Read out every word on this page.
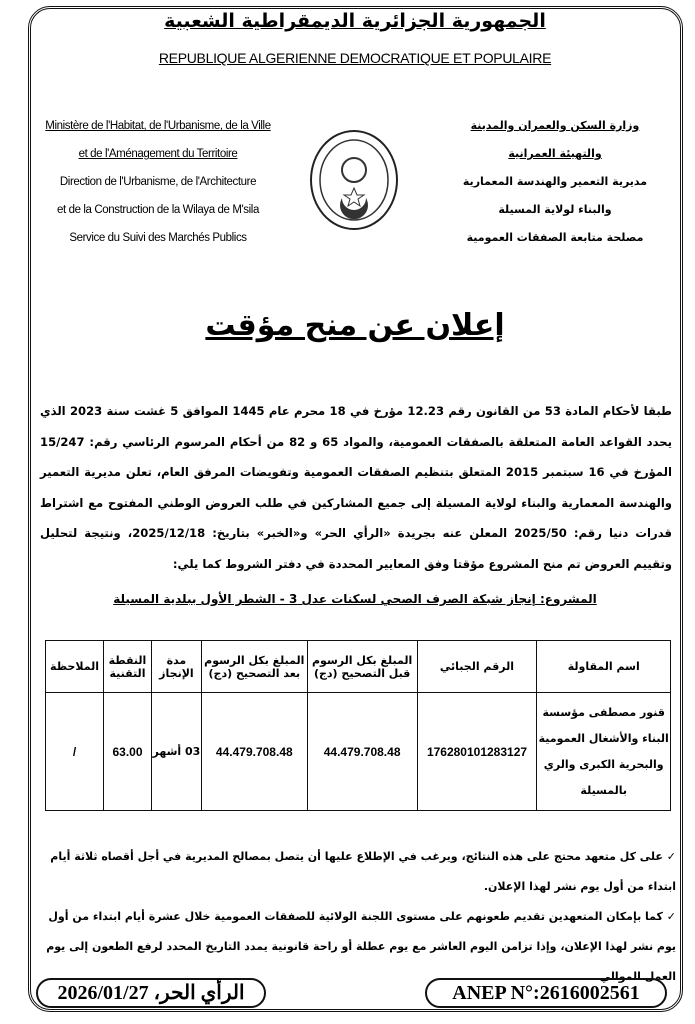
الجمهورية الجزائرية الديمقراطية الشعبية
REPUBLIQUE ALGERIENNE DEMOCRATIQUE ET POPULAIRE
Ministère de l'Habitat, de l'Urbanisme, de la Ville
et de l'Aménagement du Territoire
Direction de l'Urbanisme, de l'Architecture
et de la Construction de la Wilaya de M'sila
Service du Suivi des Marchés Publics
وزارة السكن والعمران والمدينة
والتهيئة العمرانية
مديرية التعمير والهندسة المعمارية
والبناء لولاية المسيلة
مصلحة متابعة الصفقات العمومية
إعلان عن منح مؤقت
طبقا لأحكام المادة 53 من القانون رقم 12.23 مؤرخ في 18 محرم عام 1445 الموافق 5 غشت سنة 2023 الذي يحدد القواعد العامة المتعلقة بالصفقات العمومية، والمواد 65 و 82 من أحكام المرسوم الرئاسي رقم: 15/247 المؤرخ في 16 سبتمبر 2015 المتعلق بتنظيم الصفقات العمومية وتفويضات المرفق العام، تعلن مديرية التعمير والهندسة المعمارية والبناء لولاية المسيلة إلى جميع المشاركين في طلب العروض الوطني المفتوح مع اشتراط قدرات دنيا رقم: 2025/50 المعلن عنه بجريدة «الرأي الحر» و«الخبر» بتاريخ: 2025/12/18، ونتيجة لتحليل وتقييم العروض تم منح المشروع مؤقتا وفق المعايير المحددة في دفتر الشروط كما يلي:
المشروع: إنجاز شبكة الصرف الصحي لسكنات عدل 3 - الشطر الأول ببلدية المسيلة
اسم المقاولة	الرقم الجبائي	المبلغ بكل الرسوم قبل التصحيح (دج)	المبلغ بكل الرسوم بعد التصحيح (دج)	مدة الإنجاز	النقطة التقنية	الملاحظة
قنور مصطفى مؤسسة البناء والأشغال العمومية والبحرية الكبرى والري بالمسيلة	176280101283127	44.479.708.48	44.479.708.48	03 أشهر	63.00	/
✓ على كل متعهد محتج على هذه النتائج، ويرغب في الإطلاع عليها أن يتصل بمصالح المديرية في أجل أقصاه ثلاثة أيام ابتداء من أول يوم نشر لهذا الإعلان.
✓ كما بإمكان المتعهدين تقديم طعونهم على مستوى اللجنة الولائية للصفقات العمومية خلال عشرة أيام ابتداء من أول يوم نشر لهذا الإعلان، وإذا تزامن اليوم العاشر مع يوم عطلة أو راحة قانونية يمدد التاريخ المحدد لرفع الطعون إلى يوم العمل الموالي.
الرأي الحر، 2026/01/27	ANEP N°:2616002561
